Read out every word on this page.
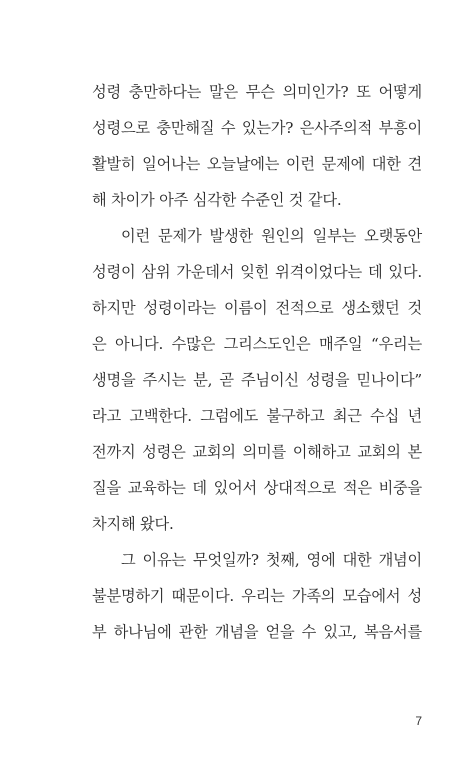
성령 충만하다는 말은 무슨 의미인가? 또 어떻게
성령으로 충만해질 수 있는가? 은사주의적 부흥이
활발히 일어나는 오늘날에는 이런 문제에 대한 견
해 차이가 아주 심각한 수준인 것 같다.
이런 문제가 발생한 원인의 일부는 오랫동안
성령이 삼위 가운데서 잊힌 위격이었다는 데 있다.
하지만 성령이라는 이름이 전적으로 생소했던 것
은 아니다. 수많은 그리스도인은 매주일 “우리는
생명을 주시는 분, 곧 주님이신 성령을 믿나이다”
라고 고백한다. 그럼에도 불구하고 최근 수십 년
전까지 성령은 교회의 의미를 이해하고 교회의 본
질을 교육하는 데 있어서 상대적으로 적은 비중을
차지해 왔다.
그 이유는 무엇일까? 첫째, 영에 대한 개념이
불분명하기 때문이다. 우리는 가족의 모습에서 성
부 하나님에 관한 개념을 얻을 수 있고, 복음서를
7
